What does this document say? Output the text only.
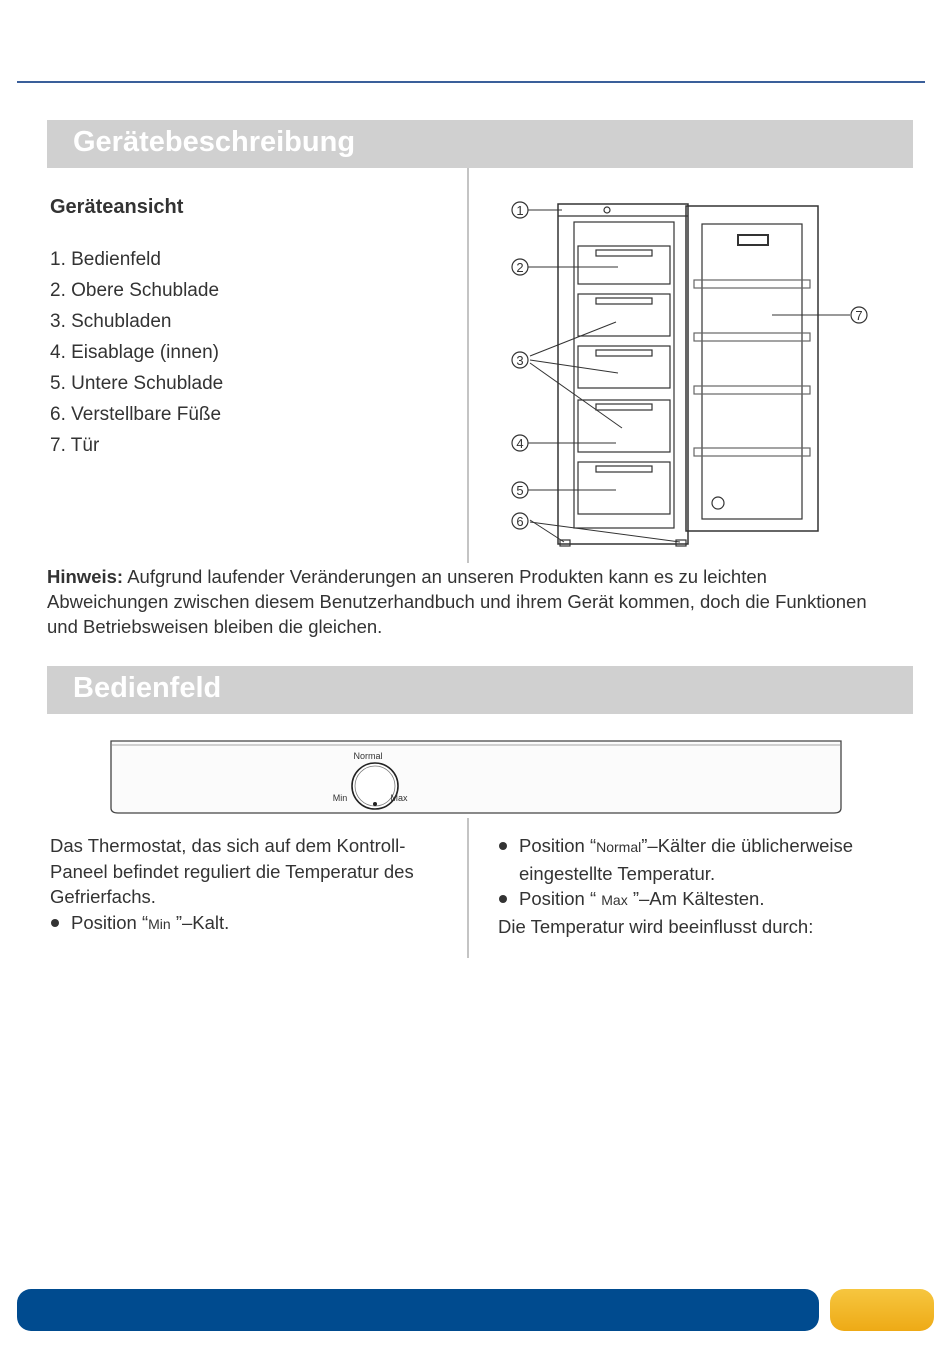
Gerätebeschreibung
Geräteansicht
1. Bedienfeld
2. Obere Schublade
3. Schubladen
4. Eisablage (innen)
5. Untere Schublade
6. Verstellbare Füße
7. Tür
1
2
3
4
5
6
7
Hinweis: Aufgrund laufender Veränderungen an unseren Produkten kann es zu leichten Abweichungen zwischen diesem Benutzerhandbuch und ihrem Gerät kommen, doch die Funktionen und Betriebsweisen bleiben die gleichen.
Bedienfeld
Normal
Min	Max
Das Thermostat, das sich auf dem Kontroll-Paneel befindet reguliert die Temperatur des Gefrierfachs.
Position “Min ”–Kalt.
Position “Normal”–Kälter die üblicherweise eingestellte Temperatur.
Position “ Max ”–Am Kältesten.
Die Temperatur wird beeinflusst durch:
